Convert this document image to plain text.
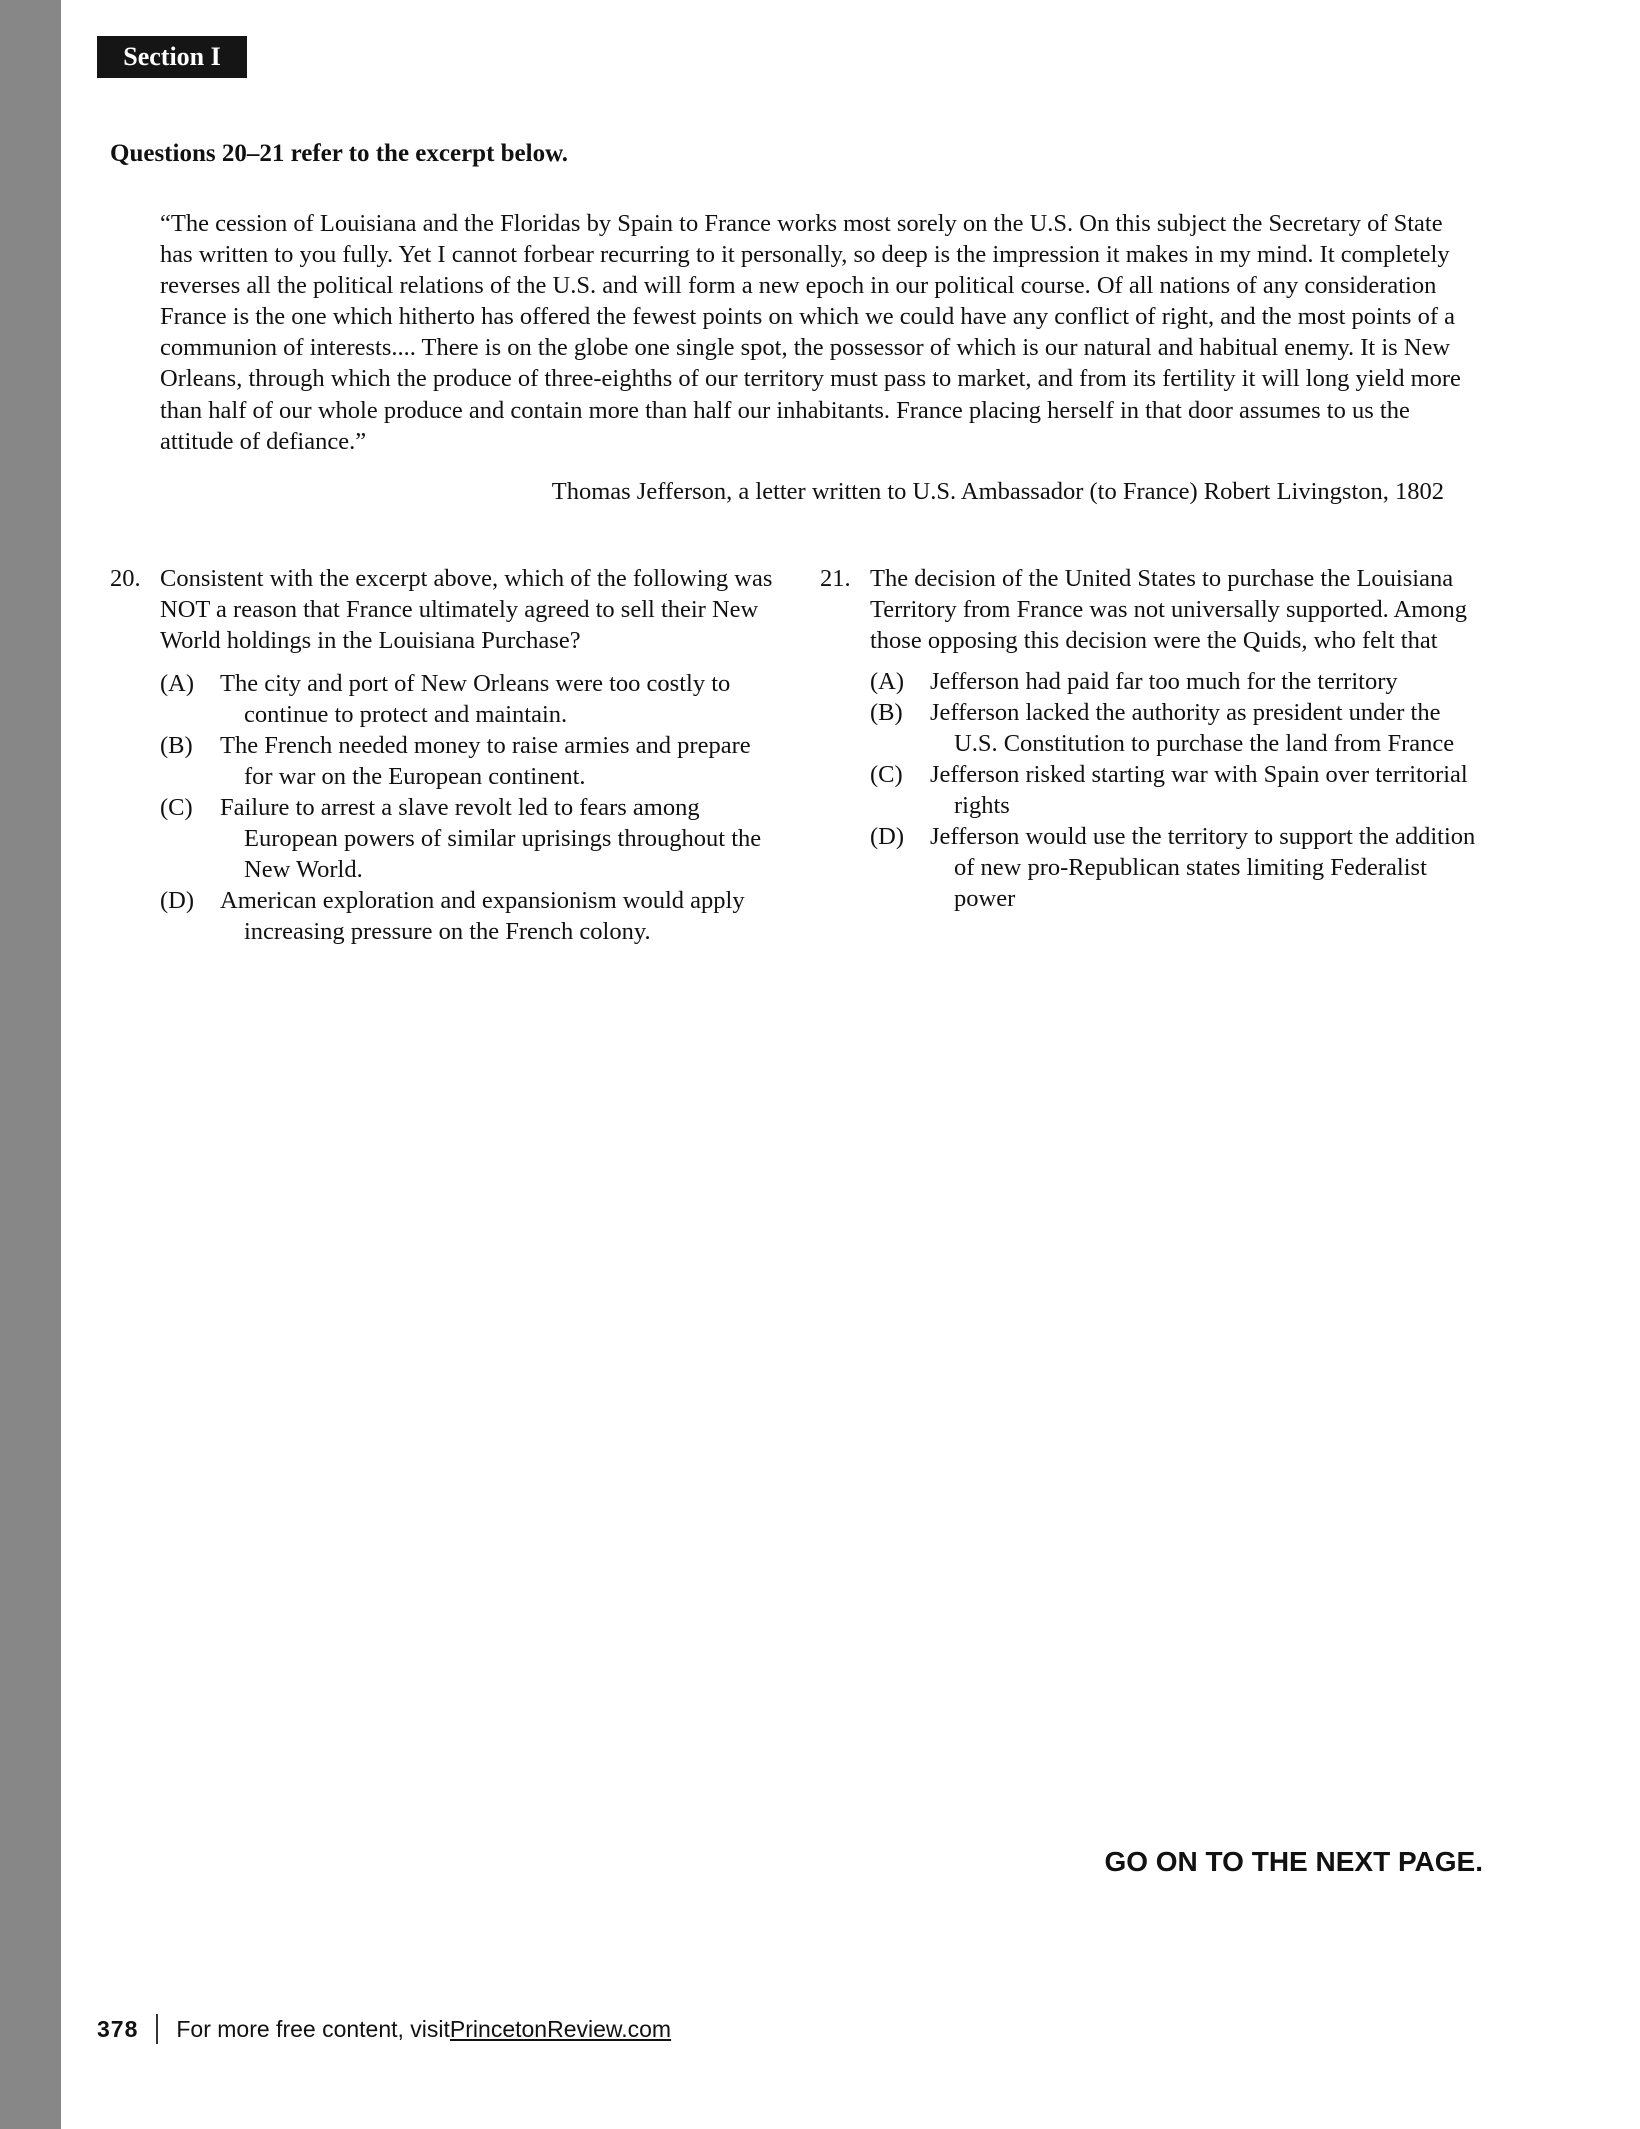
Section I
Questions 20–21 refer to the excerpt below.

“The cession of Louisiana and the Floridas by Spain to France works most sorely on the U.S. On this subject the Secretary of State has written to you fully. Yet I cannot forbear recurring to it personally, so deep is the impression it makes in my mind. It completely reverses all the political relations of the U.S. and will form a new epoch in our political course. Of all nations of any consideration France is the one which hitherto has offered the fewest points on which we could have any conflict of right, and the most points of a communion of interests.... There is on the globe one single spot, the possessor of which is our natural and habitual enemy. It is New Orleans, through which the produce of three-eighths of our territory must pass to market, and from its fertility it will long yield more than half of our whole produce and contain more than half our inhabitants. France placing herself in that door assumes to us the attitude of defiance.”

Thomas Jefferson, a letter written to U.S. Ambassador (to France) Robert Livingston, 1802
20. Consistent with the excerpt above, which of the following was NOT a reason that France ultimately agreed to sell their New World holdings in the Louisiana Purchase?
(A)	The city and port of New Orleans were too costly to continue to protect and maintain.
(B)	The French needed money to raise armies and prepare for war on the European continent.
(C)	Failure to arrest a slave revolt led to fears among European powers of similar uprisings throughout the New World.
(D)	American exploration and expansionism would apply increasing pressure on the French colony.
21. The decision of the United States to purchase the Louisiana Territory from France was not universally supported. Among those opposing this decision were the Quids, who felt that
(A)	Jefferson had paid far too much for the territory
(B)	Jefferson lacked the authority as president under the U.S. Constitution to purchase the land from France
(C)	Jefferson risked starting war with Spain over territorial rights
(D)	Jefferson would use the territory to support the addition of new pro-Republican states limiting Federalist power
GO ON TO THE NEXT PAGE.
378 For more free content, visit PrincetonReview.com
